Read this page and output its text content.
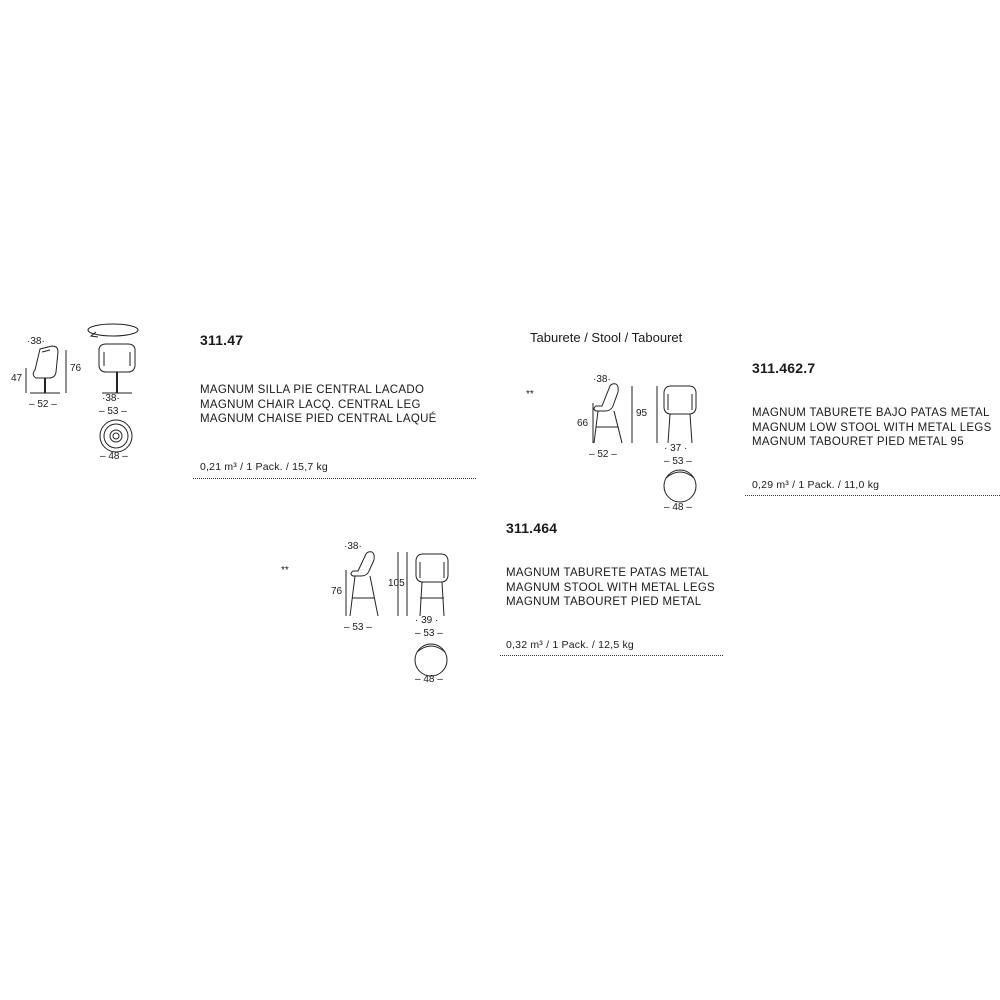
·38·
47
76
– 52 –
·38·
– 53 –
– 48 –
311.47
MAGNUM SILLA PIE CENTRAL LACADO
MAGNUM CHAIR LACQ. CENTRAL LEG
MAGNUM CHAISE PIED CENTRAL LAQUÉ
0,21 m³ / 1 Pack. / 15,7 kg
Taburete / Stool / Tabouret
**
·38·
66
95
– 52 –
· 37 ·
– 53 –
– 48 –
311.462.7
MAGNUM TABURETE BAJO PATAS METAL
MAGNUM LOW STOOL WITH METAL LEGS
MAGNUM TABOURET PIED METAL 95
0,29 m³ / 1 Pack. / 11,0 kg
**
·38·
76
105
– 53 –
· 39 ·
– 53 –
– 48 –
311.464
MAGNUM TABURETE PATAS METAL
MAGNUM STOOL WITH METAL LEGS
MAGNUM TABOURET PIED METAL
0,32 m³ / 1 Pack. / 12,5 kg
